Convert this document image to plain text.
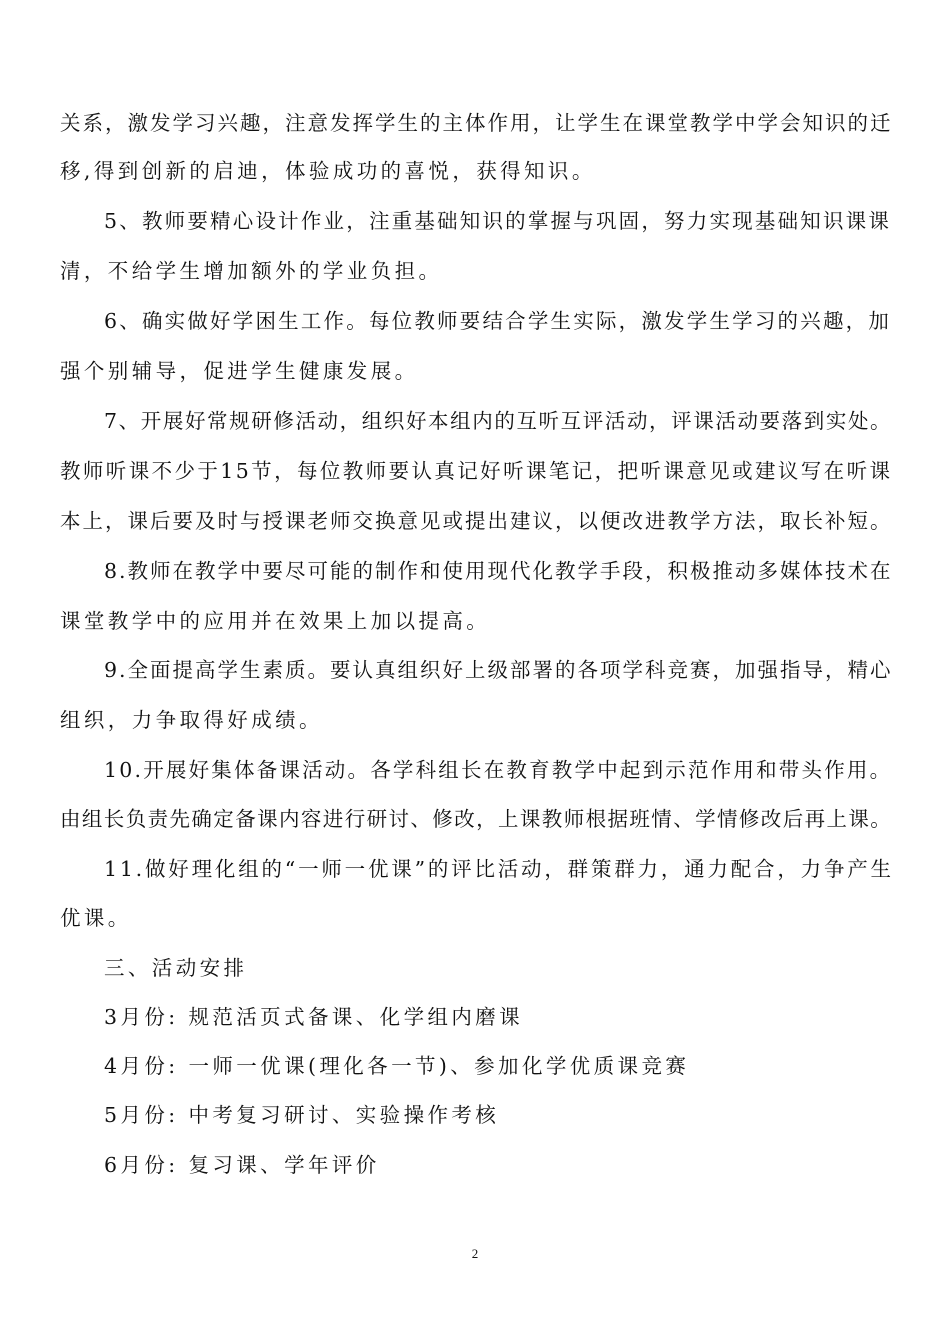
关系，激发学习兴趣，注意发挥学生的主体作用，让学生在课堂教学中学会知识的迁
移,得到创新的启迪，体验成功的喜悦，获得知识。
5、教师要精心设计作业，注重基础知识的掌握与巩固，努力实现基础知识课课
清，不给学生增加额外的学业负担。
6、确实做好学困生工作。每位教师要结合学生实际，激发学生学习的兴趣，加
强个别辅导，促进学生健康发展。
7、开展好常规研修活动，组织好本组内的互听互评活动，评课活动要落到实处。
教师听课不少于15节，每位教师要认真记好听课笔记，把听课意见或建议写在听课
本上，课后要及时与授课老师交换意见或提出建议，以便改进教学方法，取长补短。
8.教师在教学中要尽可能的制作和使用现代化教学手段，积极推动多媒体技术在
课堂教学中的应用并在效果上加以提高。
9.全面提高学生素质。要认真组织好上级部署的各项学科竞赛，加强指导，精心
组织，力争取得好成绩。
10.开展好集体备课活动。各学科组长在教育教学中起到示范作用和带头作用。
由组长负责先确定备课内容进行研讨、修改，上课教师根据班情、学情修改后再上课。
11.做好理化组的“一师一优课”的评比活动，群策群力，通力配合，力争产生
优课。
三、活动安排
3月份: 规范活页式备课、化学组内磨课
4月份: 一师一优课(理化各一节)、参加化学优质课竞赛
5月份: 中考复习研讨、实验操作考核
6月份: 复习课、学年评价
2
